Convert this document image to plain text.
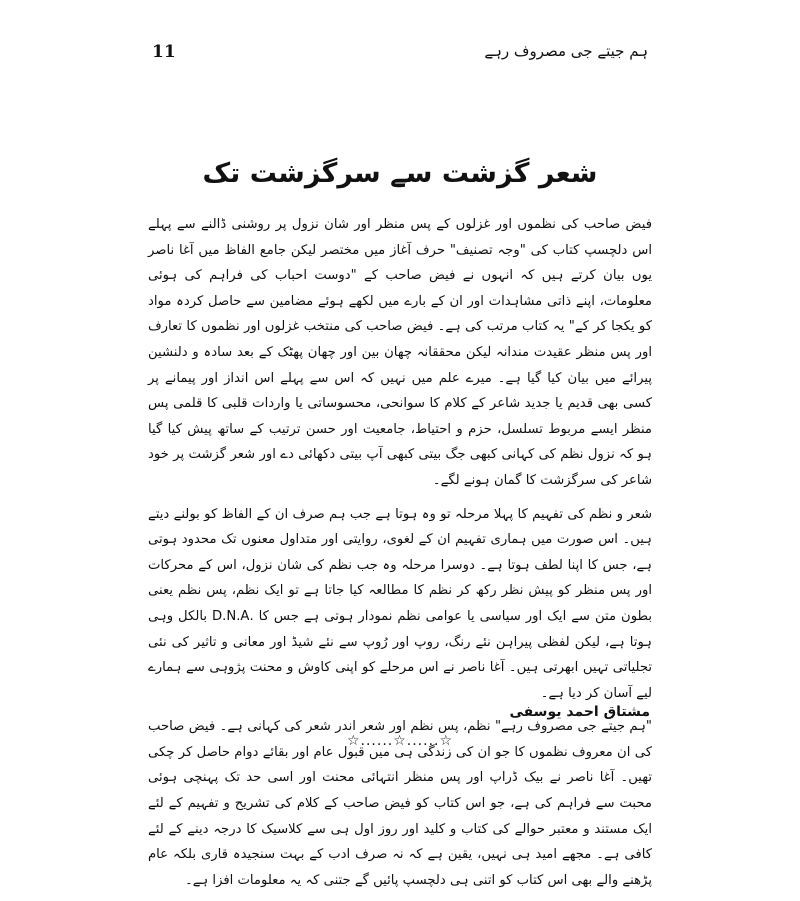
11	ہم جیتے جی مصروف رہے
شعر گزشت سے سرگزشت تک

فیض صاحب کی نظموں اور غزلوں کے پس منظر اور شان نزول پر روشنی ڈالنے سے پہلے اس دلچسپ کتاب کی "وجہ تصنیف" حرف آغاز میں مختصر لیکن جامع الفاظ میں آغا ناصر یوں بیان کرتے ہیں کہ انہوں نے فیض صاحب کے "دوست احباب کی فراہم کی ہوئی معلومات، اپنے ذاتی مشاہدات اور ان کے بارے میں لکھے ہوئے مضامین سے حاصل کردہ مواد کو یکجا کر کے" یہ کتاب مرتب کی ہے۔ فیض صاحب کی منتخب غزلوں اور نظموں کا تعارف اور پس منظر عقیدت مندانہ لیکن محققانہ چھان بین اور چھان پھٹک کے بعد سادہ و دلنشین پیرائے میں بیان کیا گیا ہے۔ میرے علم میں نہیں کہ اس سے پہلے اس انداز اور پیمانے پر کسی بھی قدیم یا جدید شاعر کے کلام کا سوانحی، محسوساتی یا واردات قلبی کا قلمی پس منظر ایسے مربوط تسلسل، حزم و احتیاط، جامعیت اور حسن ترتیب کے ساتھ پیش کیا گیا ہو کہ نزول نظم کی کہانی کبھی جگ بیتی کبھی آپ بیتی دکھائی دے اور شعر گزشت پر خود شاعر کی سرگزشت کا گمان ہونے لگے۔

شعر و نظم کی تفہیم کا پہلا مرحلہ تو وہ ہوتا ہے جب ہم صرف ان کے الفاظ کو بولنے دیتے ہیں۔ اس صورت میں ہماری تفہیم ان کے لغوی، روایتی اور متداول معنوں تک محدود ہوتی ہے، جس کا اپنا لطف ہوتا ہے۔ دوسرا مرحلہ وہ جب نظم کی شان نزول، اس کے محرکات اور پس منظر کو پیش نظر رکھ کر نظم کا مطالعہ کیا جاتا ہے تو ایک نظم، پس نظم یعنی بطون متن سے ایک اور سیاسی یا عوامی نظم نمودار ہوتی ہے جس کا .D.N.A بالکل وہی ہوتا ہے، لیکن لفظی پیراہن نئے رنگ، روپ اور رُوپ سے نئے شیڈ اور معانی و تاثیر کی نئی تجلیاتی تہیں ابھرتی ہیں۔ آغا ناصر نے اس مرحلے کو اپنی کاوش و محنت پژوہی سے ہمارے لیے آسان کر دیا ہے۔

"ہم جیتے جی مصروف رہے" نظم، پس نظم اور شعر اندر شعر کی کہانی ہے۔ فیض صاحب کی ان معروف نظموں کا جو ان کی زندگی ہی میں قبول عام اور بقائے دوام حاصل کر چکی تھیں۔ آغا ناصر نے بیک ڈراپ اور پس منظر انتہائی محنت اور اسی حد تک پہنچی ہوئی محبت سے فراہم کی ہے، جو اس کتاب کو فیض صاحب کے کلام کی تشریح و تفہیم کے لئے ایک مستند و معتبر حوالے کی کتاب و کلید اور روز اول ہی سے کلاسیک کا درجہ دینے کے لئے کافی ہے۔ مجھے امید ہی نہیں، یقین ہے کہ نہ صرف ادب کے بہت سنجیدہ قاری بلکہ عام پڑھنے والے بھی اس کتاب کو اتنی ہی دلچسپ پائیں گے جتنی کہ یہ معلومات افزا ہے۔

مشتاق احمد یوسفی
☆......☆......☆
